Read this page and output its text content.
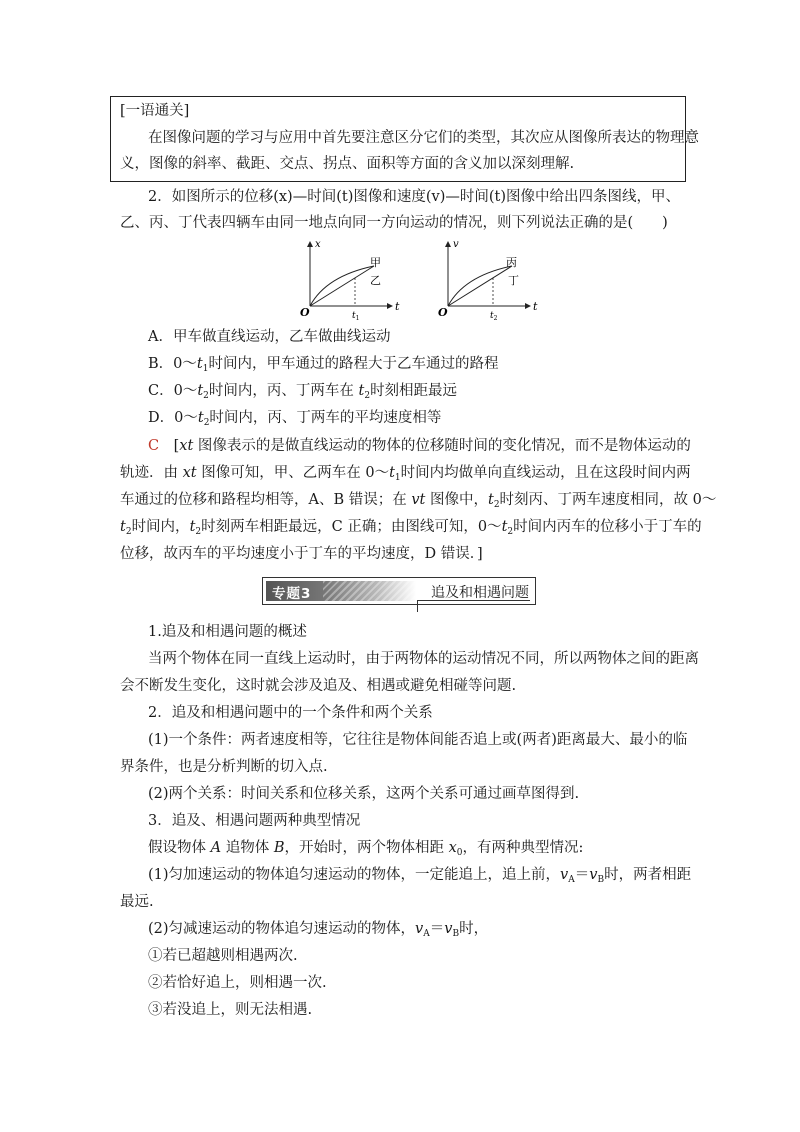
[一语通关]
在图像问题的学习与应用中首先要注意区分它们的类型，其次应从图像所表达的物理意
义，图像的斜率、截距、交点、拐点、面积等方面的含义加以深刻理解.
2．如图所示的位移(x)—时间(t)图像和速度(v)—时间(t)图像中给出四条图线，甲、
乙、丙、丁代表四辆车由同一地点向同一方向运动的情况，则下列说法正确的是(　　)
x
t
O	$t_1$
甲
乙
v
t
O	$t_2$
丙
丁
A．甲车做直线运动，乙车做曲线运动
B．$0\sim t_1$时间内，甲车通过的路程大于乙车通过的路程
C．$0\sim t_2$时间内，丙、丁两车在 $t_2$时刻相距最远
D．$0\sim t_2$时间内，丙、丁两车的平均速度相等
C　[xt 图像表示的是做直线运动的物体的位移随时间的变化情况，而不是物体运动的
轨迹．由 xt 图像可知，甲、乙两车在 $0\sim t_1$时间内均做单向直线运动，且在这段时间内两
车通过的位移和路程均相等，A、B 错误；在 vt 图像中，$t_2$时刻丙、丁两车速度相同，故 0～
$t_2$时间内，$t_2$时刻两车相距最远，C 正确；由图线可知，$0\sim t_2$时间内丙车的位移小于丁车的
位移，故丙车的平均速度小于丁车的平均速度，D 错误．]
专题3	追及和相遇问题
1.追及和相遇问题的概述
当两个物体在同一直线上运动时，由于两物体的运动情况不同，所以两物体之间的距离
会不断发生变化，这时就会涉及追及、相遇或避免相碰等问题.
2．追及和相遇问题中的一个条件和两个关系
(1)一个条件：两者速度相等，它往往是物体间能否追上或(两者)距离最大、最小的临
界条件，也是分析判断的切入点.
(2)两个关系：时间关系和位移关系，这两个关系可通过画草图得到.
3．追及、相遇问题两种典型情况
假设物体 A 追物体 B，开始时，两个物体相距 $x_0$，有两种典型情况:
(1)匀加速运动的物体追匀速运动的物体，一定能追上，追上前，$v_A=v_B$时，两者相距
最远.
(2)匀减速运动的物体追匀速运动的物体，$v_A=v_B$时，
①若已超越则相遇两次.
②若恰好追上，则相遇一次.
③若没追上，则无法相遇.
